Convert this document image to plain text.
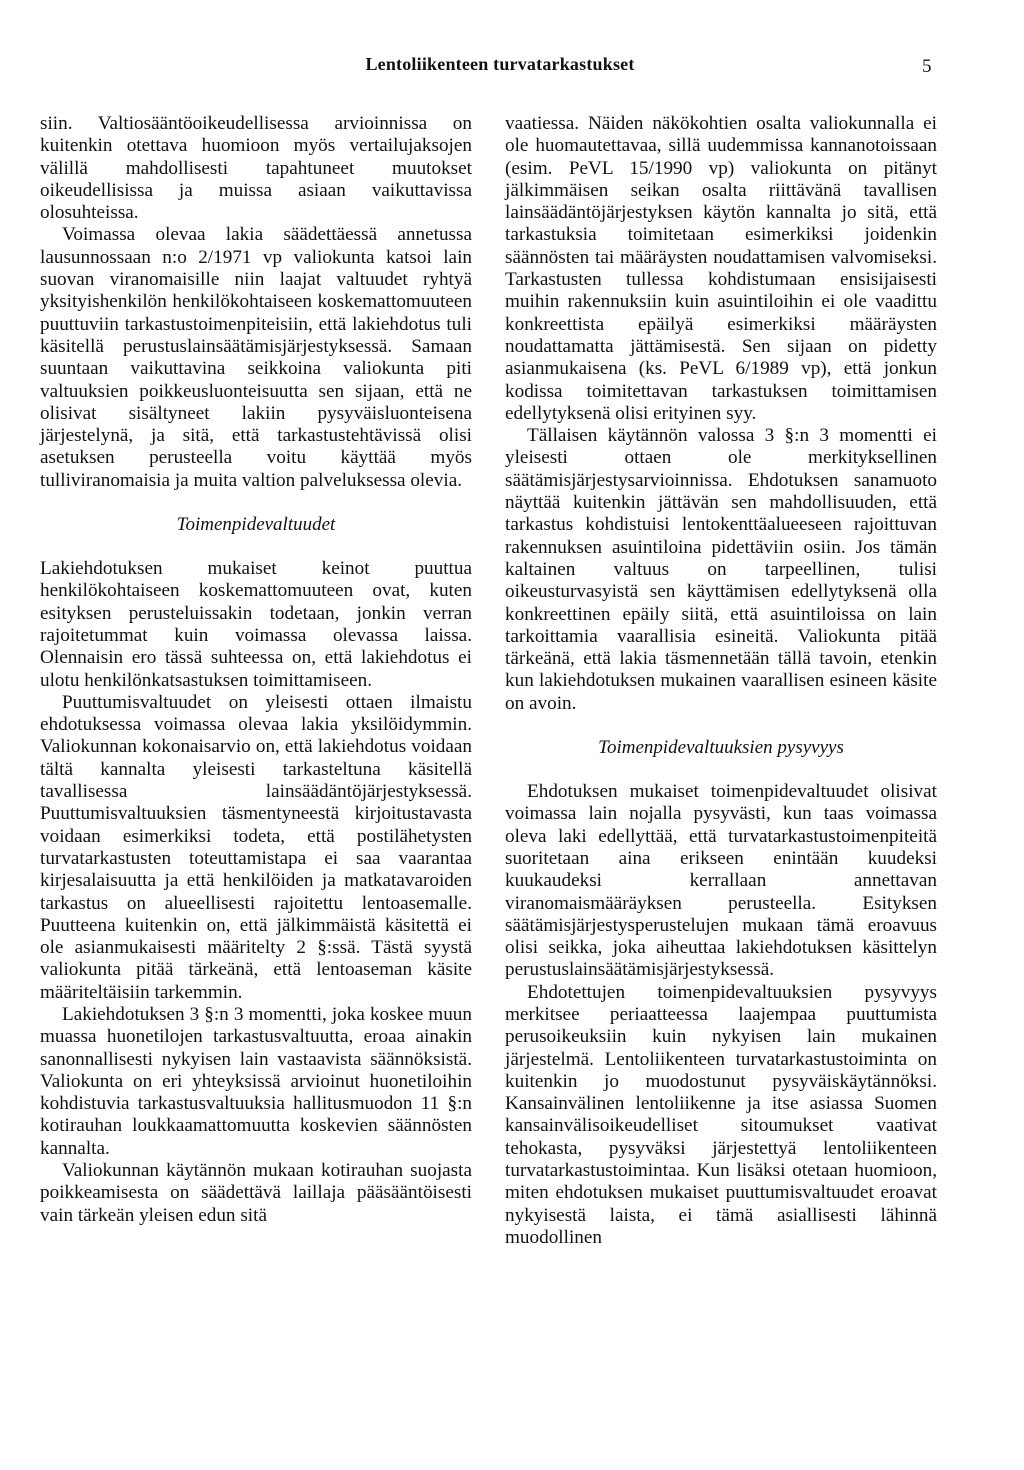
Lentoliikenteen turvatarkastukset	5

siin. Valtiosääntöoikeudellisessa arvioinnissa on kuitenkin otettava huomioon myös vertailujaksojen välillä mahdollisesti tapahtuneet muutokset oikeudellisissa ja muissa asiaan vaikuttavissa olosuhteissa.

Voimassa olevaa lakia säädettäessä annetussa lausunnossaan n:o 2/1971 vp valiokunta katsoi lain suovan viranomaisille niin laajat valtuudet ryhtyä yksityishenkilön henkilökohtaiseen koskemattomuuteen puuttuviin tarkastustoimenpiteisiin, että lakiehdotus tuli käsitellä perustuslainsäätämisjärjestyksessä. Samaan suuntaan vaikuttavina seikkoina valiokunta piti valtuuksien poikkeusluonteisuutta sen sijaan, että ne olisivat sisältyneet lakiin pysyväisluonteisena järjestelynä, ja sitä, että tarkastustehtävissä olisi asetuksen perusteella voitu käyttää myös tulliviranomaisia ja muita valtion palveluksessa olevia.

Toimenpidevaltuudet

Lakiehdotuksen mukaiset keinot puuttua henkilökohtaiseen koskemattomuuteen ovat, kuten esityksen perusteluissakin todetaan, jonkin verran rajoitetummat kuin voimassa olevassa laissa. Olennaisin ero tässä suhteessa on, että lakiehdotus ei ulotu henkilönkatsastuksen toimittamiseen.

Puuttumisvaltuudet on yleisesti ottaen ilmaistu ehdotuksessa voimassa olevaa lakia yksilöidymmin. Valiokunnan kokonaisarvio on, että lakiehdotus voidaan tältä kannalta yleisesti tarkasteltuna käsitellä tavallisessa lainsäädäntöjärjestyksessä. Puuttumisvaltuuksien täsmentyneestä kirjoitustavasta voidaan esimerkiksi todeta, että postilähetysten turvatarkastusten toteuttamistapa ei saa vaarantaa kirjesalaisuutta ja että henkilöiden ja matkatavaroiden tarkastus on alueellisesti rajoitettu lentoasemalle. Puutteena kuitenkin on, että jälkimmäistä käsitettä ei ole asianmukaisesti määritelty 2 §:ssä. Tästä syystä valiokunta pitää tärkeänä, että lentoaseman käsite määriteltäisiin tarkemmin.

Lakiehdotuksen 3 §:n 3 momentti, joka koskee muun muassa huonetilojen tarkastusvaltuutta, eroaa ainakin sanonnallisesti nykyisen lain vastaavista säännöksistä. Valiokunta on eri yhteyksissä arvioinut huonetiloihin kohdistuvia tarkastusvaltuuksia hallitusmuodon 11 §:n kotirauhan loukkaamattomuutta koskevien säännösten kannalta.

Valiokunnan käytännön mukaan kotirauhan suojasta poikkeamisesta on säädettävä laillaja pääsääntöisesti vain tärkeän yleisen edun sitä

vaatiessa. Näiden näkökohtien osalta valiokunnalla ei ole huomautettavaa, sillä uudemmissa kannanotoissaan (esim. PeVL 15/1990 vp) valiokunta on pitänyt jälkimmäisen seikan osalta riittävänä tavallisen lainsäädäntöjärjestyksen käytön kannalta jo sitä, että tarkastuksia toimitetaan esimerkiksi joidenkin säännösten tai määräysten noudattamisen valvomiseksi. Tarkastusten tullessa kohdistumaan ensisijaisesti muihin rakennuksiin kuin asuintiloihin ei ole vaadittu konkreettista epäilyä esimerkiksi määräysten noudattamatta jättämisestä. Sen sijaan on pidetty asianmukaisena (ks. PeVL 6/1989 vp), että jonkun kodissa toimitettavan tarkastuksen toimittamisen edellytyksenä olisi erityinen syy.

Tällaisen käytännön valossa 3 §:n 3 momentti ei yleisesti ottaen ole merkityksellinen säätämisjärjestysarvioinnissa. Ehdotuksen sanamuoto näyttää kuitenkin jättävän sen mahdollisuuden, että tarkastus kohdistuisi lentokenttäalueeseen rajoittuvan rakennuksen asuintiloina pidettäviin osiin. Jos tämän kaltainen valtuus on tarpeellinen, tulisi oikeusturvasyistä sen käyttämisen edellytyksenä olla konkreettinen epäily siitä, että asuintiloissa on lain tarkoittamia vaarallisia esineitä. Valiokunta pitää tärkeänä, että lakia täsmennetään tällä tavoin, etenkin kun lakiehdotuksen mukainen vaarallisen esineen käsite on avoin.

Toimenpidevaltuuksien pysyvyys

Ehdotuksen mukaiset toimenpidevaltuudet olisivat voimassa lain nojalla pysyvästi, kun taas voimassa oleva laki edellyttää, että turvatarkastustoimenpiteitä suoritetaan aina erikseen enintään kuudeksi kuukaudeksi kerrallaan annettavan viranomaismääräyksen perusteella. Esityksen säätämisjärjestysperustelujen mukaan tämä eroavuus olisi seikka, joka aiheuttaa lakiehdotuksen käsittelyn perustuslainsäätämisjärjestyksessä.

Ehdotettujen toimenpidevaltuuksien pysyvyys merkitsee periaatteessa laajempaa puuttumista perusoikeuksiin kuin nykyisen lain mukainen järjestelmä. Lentoliikenteen turvatarkastustoiminta on kuitenkin jo muodostunut pysyväiskäytännöksi. Kansainvälinen lentoliikenne ja itse asiassa Suomen kansainvälisoikeudelliset sitoumukset vaativat tehokasta, pysyväksi järjestettyä lentoliikenteen turvatarkastustoimintaa. Kun lisäksi otetaan huomioon, miten ehdotuksen mukaiset puuttumisvaltuudet eroavat nykyisestä laista, ei tämä asiallisesti lähinnä muodollinen
